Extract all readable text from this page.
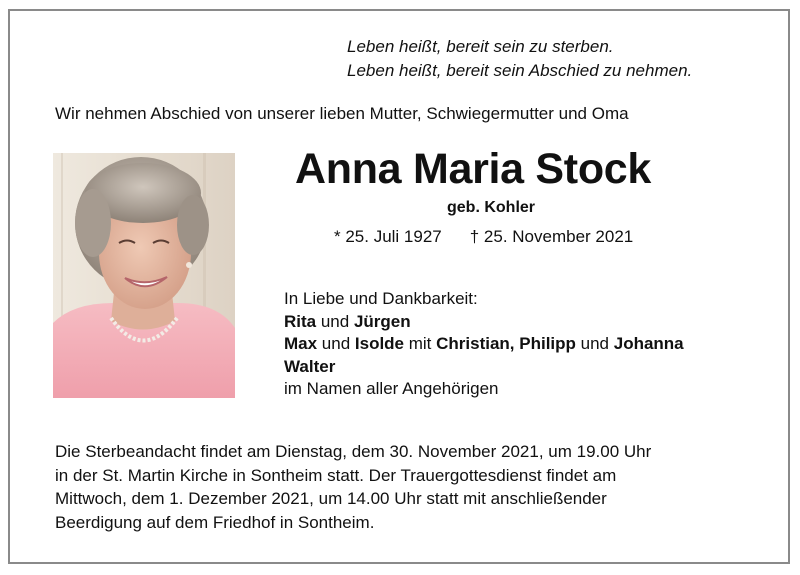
Leben heißt, bereit sein zu sterben.
Leben heißt, bereit sein Abschied zu nehmen.
Wir nehmen Abschied von unserer lieben Mutter, Schwiegermutter und Oma
Anna Maria Stock
geb. Kohler
* 25. Juli 1927 † 25. November 2021
In Liebe und Dankbarkeit:
Rita und Jürgen
Max und Isolde mit Christian, Philipp und Johanna
Walter
im Namen aller Angehörigen
Die Sterbeandacht findet am Dienstag, dem 30. November 2021, um 19.00 Uhr
in der St. Martin Kirche in Sontheim statt. Der Trauergottesdienst findet am
Mittwoch, dem 1. Dezember 2021, um 14.00 Uhr statt mit anschließender
Beerdigung auf dem Friedhof in Sontheim.
